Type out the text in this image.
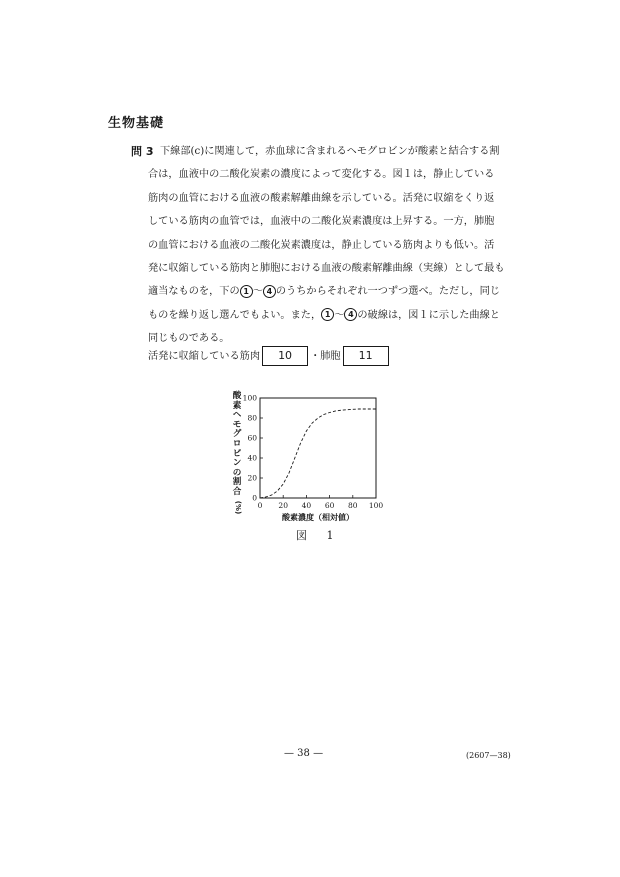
生物基礎
問 3 下線部(c)に関連して，赤血球に含まれるヘモグロビンが酸素と結合する割
合は，血液中の二酸化炭素の濃度によって変化する。図１は，静止している
筋肉の血管における血液の酸素解離曲線を示している。活発に収縮をくり返
している筋肉の血管では，血液中の二酸化炭素濃度は上昇する。一方，肺胞
の血管における血液の二酸化炭素濃度は，静止している筋肉よりも低い。活
発に収縮している筋肉と肺胞における血液の酸素解離曲線（実線）として最も
適当なものを，下の 1 〜 4 のうちからそれぞれ一つずつ選べ。ただし，同じ
ものを繰り返し選んでもよい。また， 1 〜 4 の破線は，図１に示した曲線と
同じものである。
活発に収縮している筋肉 10 ・肺胞 11
酸
素
ヘ
モ
グ
ロ
ビ
ン
の
割
合
(%) 0 20 40 60 80 100
0
20
40
60
80
100
酸素濃度（相対値）
図 1
— 38 —	(2607—38)
